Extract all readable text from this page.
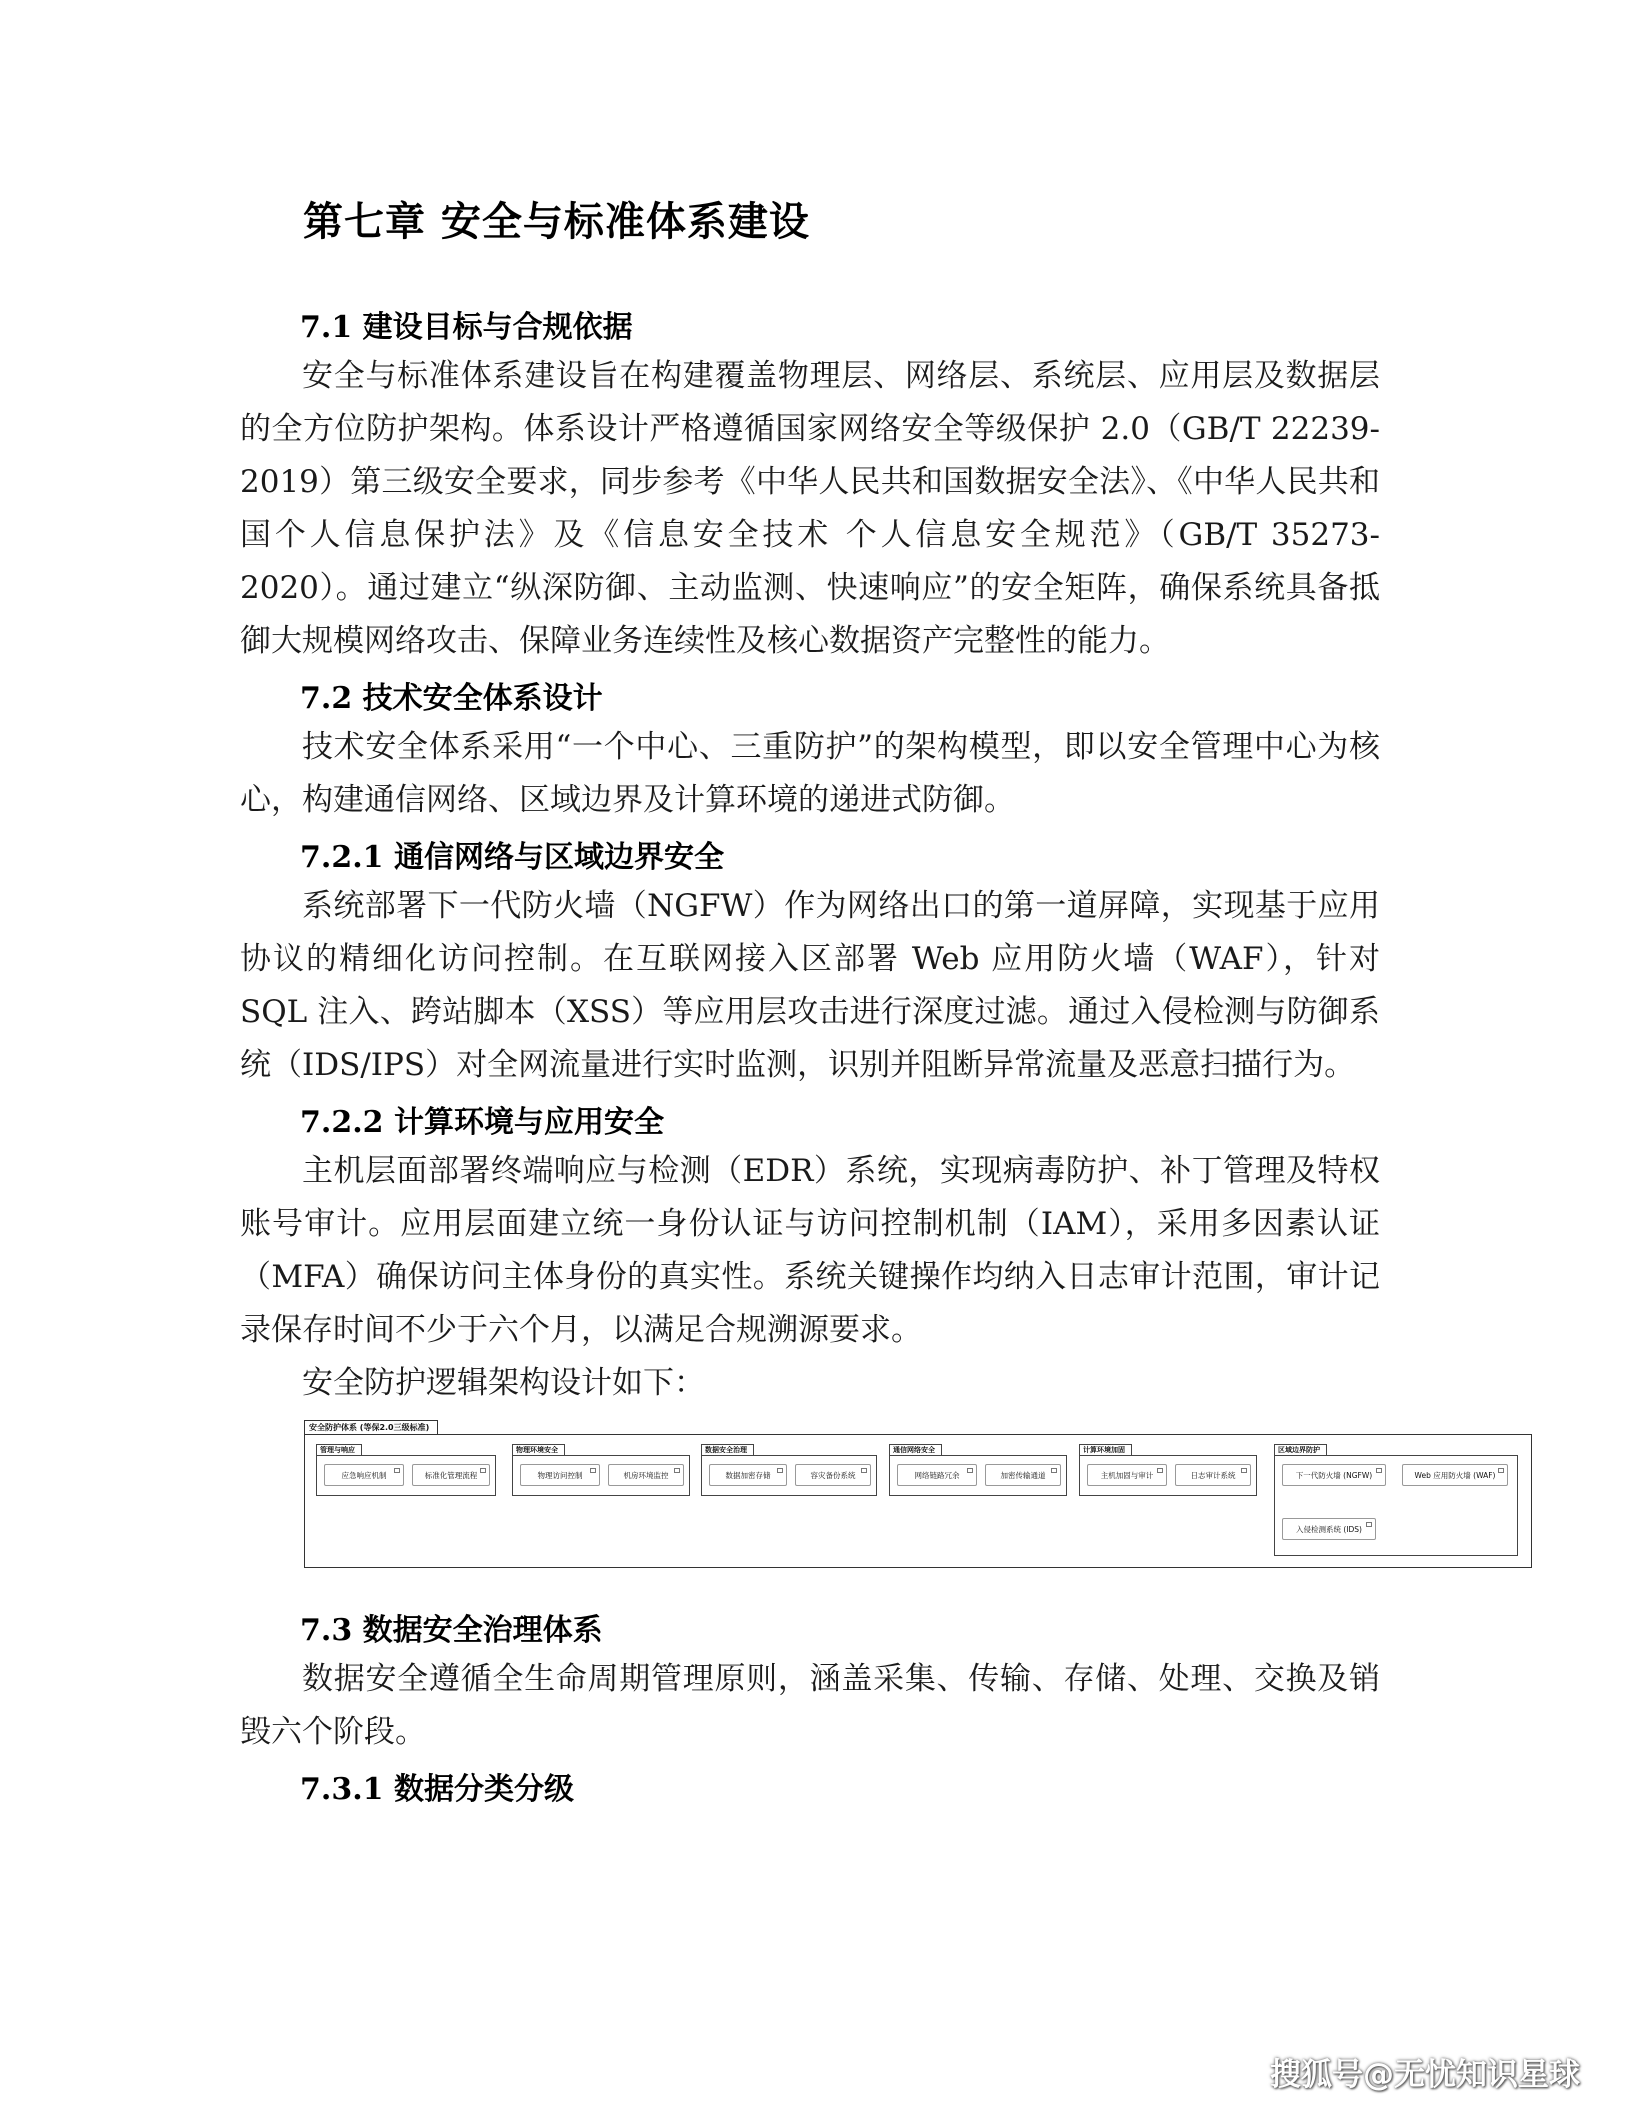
第七章 安全与标准体系建设
7.1 建设目标与合规依据

安全与标准体系建设旨在构建覆盖物理层、网络层、系统层、应用层及数据层的全方位防护架构。体系设计严格遵循国家网络安全等级保护 2.0（GB/T 22239-2019）第三级安全要求，同步参考《中华人民共和国数据安全法》、《中华人民共和国个人信息保护法》及《信息安全技术 个人信息安全规范》（GB/T 35273-2020）。通过建立“纵深防御、主动监测、快速响应”的安全矩阵，确保系统具备抵御大规模网络攻击、保障业务连续性及核心数据资产完整性的能力。

7.2 技术安全体系设计

技术安全体系采用“一个中心、三重防护”的架构模型，即以安全管理中心为核心，构建通信网络、区域边界及计算环境的递进式防御。

7.2.1 通信网络与区域边界安全

系统部署下一代防火墙（NGFW）作为网络出口的第一道屏障，实现基于应用协议的精细化访问控制。在互联网接入区部署 Web 应用防火墙（WAF），针对 SQL 注入、跨站脚本（XSS）等应用层攻击进行深度过滤。通过入侵检测与防御系统（IDS/IPS）对全网流量进行实时监测，识别并阻断异常流量及恶意扫描行为。

7.2.2 计算环境与应用安全

主机层面部署终端响应与检测（EDR）系统，实现病毒防护、补丁管理及特权账号审计。应用层面建立统一身份认证与访问控制机制（IAM），采用多因素认证（MFA）确保访问主体身份的真实性。系统关键操作均纳入日志审计范围，审计记录保存时间不少于六个月，以满足合规溯源要求。

安全防护逻辑架构设计如下：

安全防护体系 (等保2.0三级标准)
管理与响应
应急响应机制	标准化管理流程
物理环境安全
物理访问控制	机房环境监控
数据安全治理
数据加密存储	容灾备份系统
通信网络安全
网络链路冗余	加密传输通道
计算环境加固
主机加固与审计	日志审计系统
区域边界防护
下一代防火墙 (NGFW)	Web 应用防火墙 (WAF)
入侵检测系统 (IDS)
7.3 数据安全治理体系

数据安全遵循全生命周期管理原则，涵盖采集、传输、存储、处理、交换及销毁六个阶段。

7.3.1 数据分类分级

搜狐号@无忧知识星球
